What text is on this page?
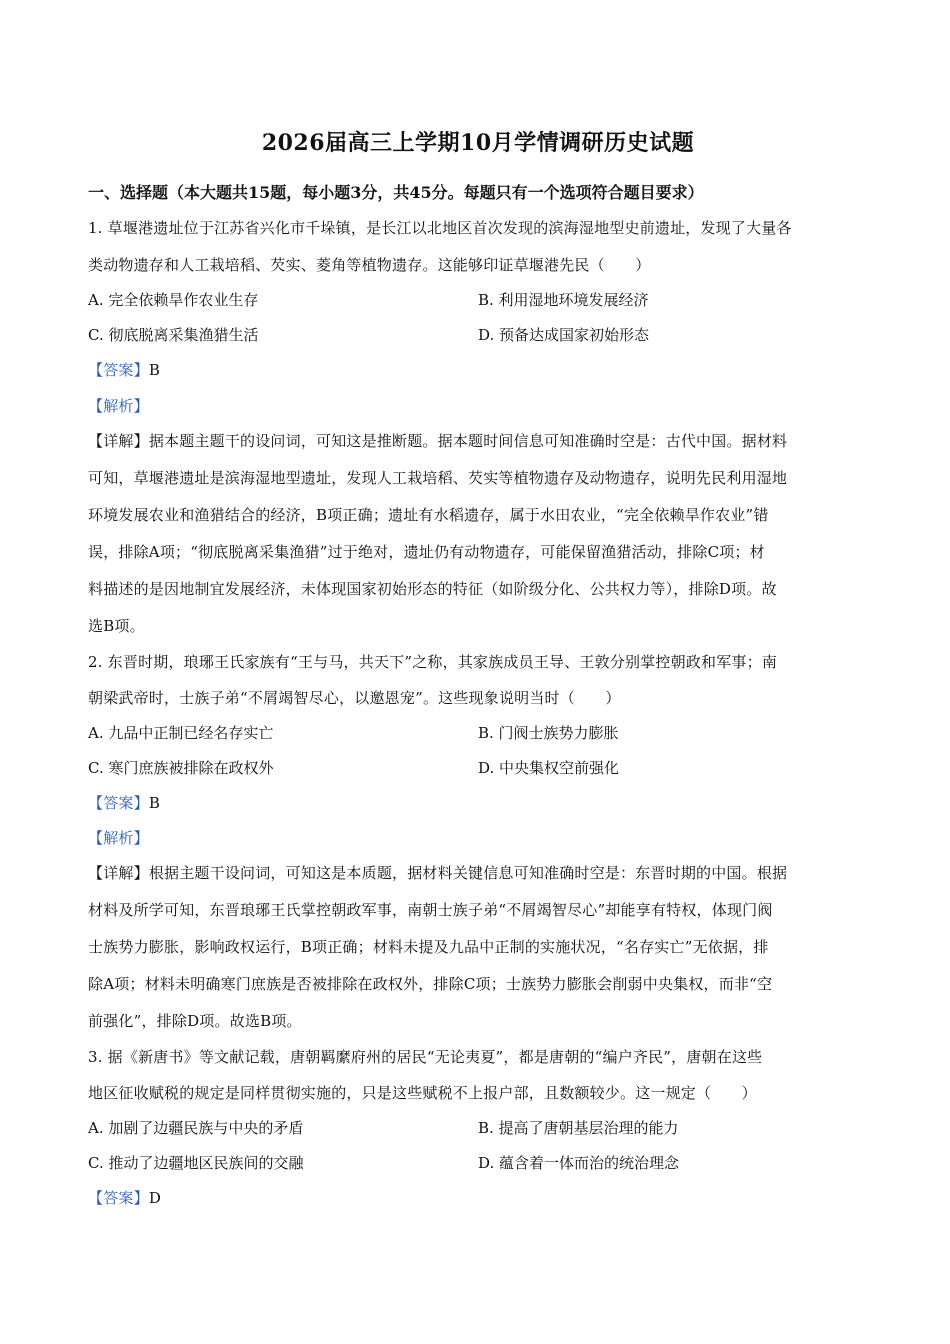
2026届高三上学期10月学情调研历史试题
一、选择题（本大题共15题，每小题3分，共45分。每题只有一个选项符合题目要求）
1. 草堰港遗址位于江苏省兴化市千垛镇，是长江以北地区首次发现的滨海湿地型史前遗址，发现了大量各
类动物遗存和人工栽培稻、芡实、菱角等植物遗存。这能够印证草堰港先民（　　）
A. 完全依赖旱作农业生存	B. 利用湿地环境发展经济
C. 彻底脱离采集渔猎生活	D. 预备达成国家初始形态
【答案】B
【解析】
【详解】据本题主题干的设问词，可知这是推断题。据本题时间信息可知准确时空是：古代中国。据材料
可知，草堰港遗址是滨海湿地型遗址，发现人工栽培稻、芡实等植物遗存及动物遗存，说明先民利用湿地
环境发展农业和渔猎结合的经济，B项正确；遗址有水稻遗存，属于水田农业，“完全依赖旱作农业”错
误，排除A项；“彻底脱离采集渔猎”过于绝对，遗址仍有动物遗存，可能保留渔猎活动，排除C项；材
料描述的是因地制宜发展经济，未体现国家初始形态的特征（如阶级分化、公共权力等），排除D项。故
选B项。
2. 东晋时期，琅琊王氏家族有“王与马，共天下”之称，其家族成员王导、王敦分别掌控朝政和军事；南
朝梁武帝时，士族子弟“不屑竭智尽心，以邀恩宠”。这些现象说明当时（　　）
A. 九品中正制已经名存实亡	B. 门阀士族势力膨胀
C. 寒门庶族被排除在政权外	D. 中央集权空前强化
【答案】B
【解析】
【详解】根据主题干设问词，可知这是本质题，据材料关键信息可知准确时空是：东晋时期的中国。根据
材料及所学可知，东晋琅琊王氏掌控朝政军事，南朝士族子弟“不屑竭智尽心”却能享有特权，体现门阀
士族势力膨胀，影响政权运行，B项正确；材料未提及九品中正制的实施状况，“名存实亡”无依据，排
除A项；材料未明确寒门庶族是否被排除在政权外，排除C项；士族势力膨胀会削弱中央集权，而非“空
前强化”，排除D项。故选B项。
3. 据《新唐书》等文献记载，唐朝羁縻府州的居民“无论夷夏”，都是唐朝的“编户齐民”，唐朝在这些
地区征收赋税的规定是同样贯彻实施的，只是这些赋税不上报户部，且数额较少。这一规定（　　）
A. 加剧了边疆民族与中央的矛盾	B. 提高了唐朝基层治理的能力
C. 推动了边疆地区民族间的交融	D. 蕴含着一体而治的统治理念
【答案】D
